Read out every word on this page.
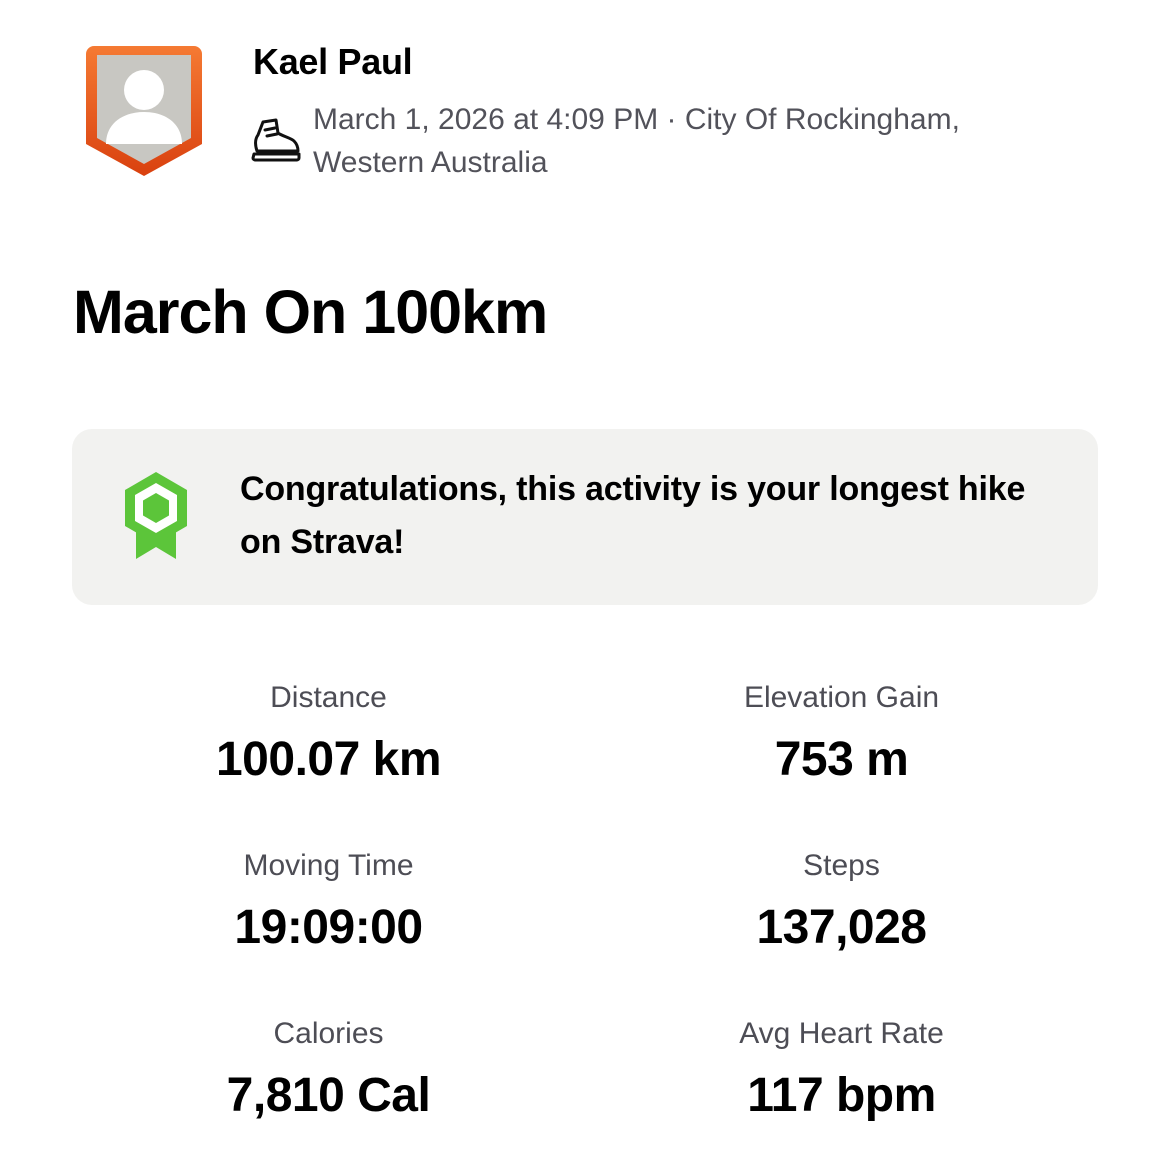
Kael Paul
March 1, 2026 at 4:09 PM · City Of Rockingham, Western Australia
March On 100km
Congratulations, this activity is your longest hike on Strava!
Distance
100.07 km
Elevation Gain
753 m
Moving Time
19:09:00
Steps
137,028
Calories
7,810 Cal
Avg Heart Rate
117 bpm
